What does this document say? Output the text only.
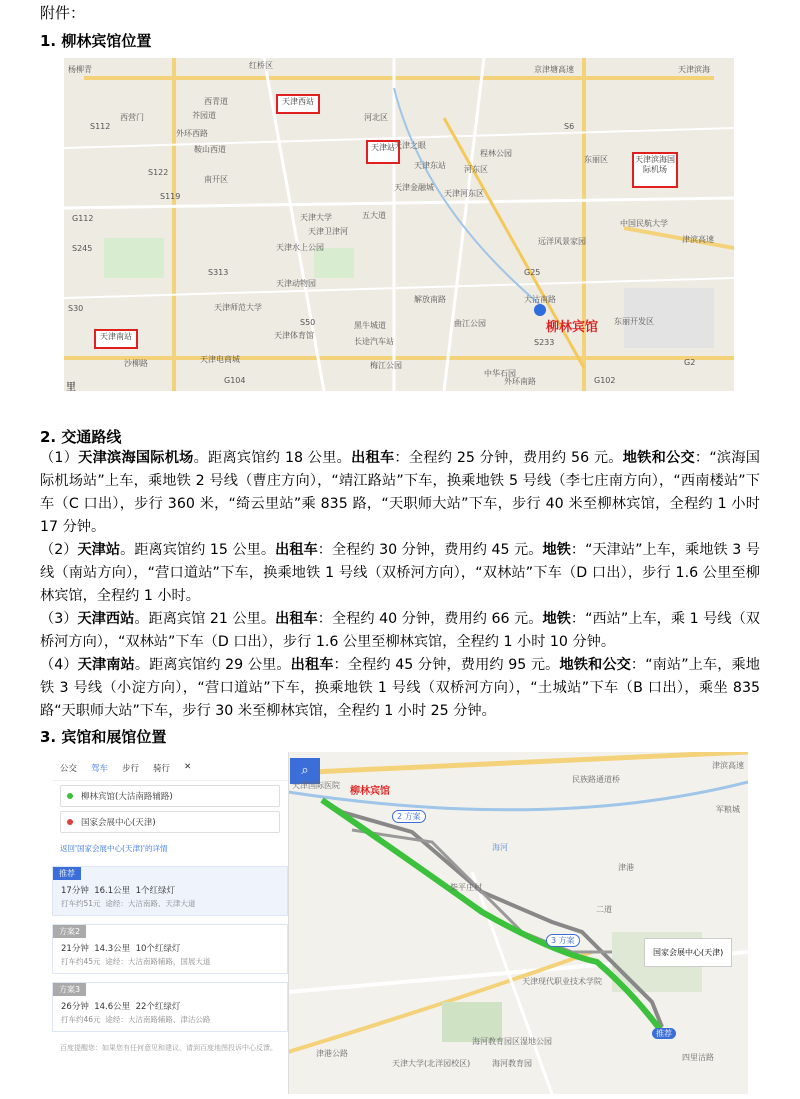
附件：
1. 柳林宾馆位置
天津西站
天津站
天津滨海国际机场
天津南站
柳林宾馆
京津塘高速
西青道
红桥区
河北区
南开区
河东区
五大道
天津水上公园
天津动物园
东丽区
东丽开发区
中国民航大学
远洋风景家园
曲江公园
外环南路
天津东站
天津金融城
天津大学
天津师范大学
天津体育馆
外环西路
黑牛城道
解放南路
天津电商城
梅江公园
中华石园
长途汽车站
沙柳路
天津之眼
程林公园
津滨高速
大沽南路
芥园道
鞍山西道
西营门
杨柳青	天津滨海
S112
S122
S233
G112
G2
S245
S6
S50
G102
S119
S313	G25
G104
S30
天津河东区
天津卫津河
里
2. 交通路线
（1）天津滨海国际机场。距离宾馆约 18 公里。出租车：全程约 25 分钟，费用约 56 元。地铁和公交：“滨海国际机场站”上车，乘地铁 2 号线（曹庄方向），“靖江路站”下车，换乘地铁 5 号线（李七庄南方向），“西南楼站”下车（C 口出），步行 360 米，“绮云里站”乘 835 路，“天职师大站”下车，步行 40 米至柳林宾馆，全程约 1 小时 17 分钟。
（2）天津站。距离宾馆约 15 公里。出租车：全程约 30 分钟，费用约 45 元。地铁：“天津站”上车，乘地铁 3 号线（南站方向），“营口道站”下车，换乘地铁 1 号线（双桥河方向），“双林站”下车（D 口出），步行 1.6 公里至柳林宾馆，全程约 1 小时。
（3）天津西站。距离宾馆 21 公里。出租车：全程约 40 分钟，费用约 66 元。地铁：“西站”上车，乘 1 号线（双桥河方向），“双林站”下车（D 口出），步行 1.6 公里至柳林宾馆，全程约 1 小时 10 分钟。
（4）天津南站。距离宾馆约 29 公里。出租车：全程约 45 分钟，费用约 95 元。地铁和公交：“南站”上车，乘地铁 3 号线（小淀方向），“营口道站”下车，换乘地铁 1 号线（双桥河方向），“土城站”下车（B 口出），乘坐 835 路“天职师大站”下车，步行 30 米至柳林宾馆，全程约 1 小时 25 分钟。
3. 宾馆和展馆位置
公交 驾车 步行 骑行 ✕
柳林宾馆(大沽南路辅路)
国家会展中心(天津)
返回'国家会展中心(天津)'的详情
推荐
17分钟 16.1公里 1个红绿灯
打车约51元 途经：大沽南路、天津大道
方案2
21分钟 14.3公里 10个红绿灯
打车约45元 途经：大沽南路辅路，国展大道
方案3
26分钟 14.6公里 22个红绿灯
打车约46元 途经：大沽南路辅路、津沽公路
百度提醒您：如果您有任何意见和建议，请到百度地图投诉中心反馈。
⌕
柳林宾馆
国家会展中心(天津)
2 方案
3 方案
推荐
天津国际医院
民族路通道桥
军粮城
海河
柴平庄村
津港
天津现代职业技术学院
海河教育园区湿地公园
津港公路
天津大学(北洋园校区)
四里沽路
海河教育园
二道
津滨高速
